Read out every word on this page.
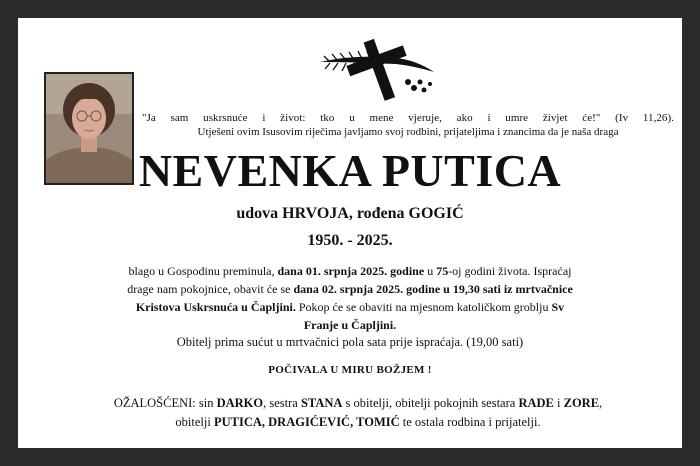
"Ja sam uskrsnuće i život: tko u mene vjeruje, ako i umre živjet će!" (Iv 11,26).
Utješeni ovim Isusovim riječima javljamo svoj rodbini, prijateljima i znancima da je naša draga
NEVENKA PUTICA
udova HRVOJA, rođena GOGIĆ
1950. - 2025.
blago u Gospodinu preminula, dana 01. srpnja 2025. godine u 75-oj godini života. Ispraćaj drage nam pokojnice, obavit će se dana 02. srpnja 2025. godine u 19,30 sati iz mrtvačnice Kristova Uskrsnuća u Čapljini. Pokop će se obaviti na mjesnom katoličkom groblju Sv Franje u Čapljini.
Obitelj prima sućut u mrtvačnici pola sata prije ispraćaja. (19,00 sati)
POČIVALA U MIRU BOŽJEM !
OŽALOŠĆENI: sin DARKO, sestra STANA s obitelji, obitelji pokojnih sestara RADE i ZORE, obitelji PUTICA, DRAGIĆEVIĆ, TOMIĆ te ostala rodbina i prijatelji.
